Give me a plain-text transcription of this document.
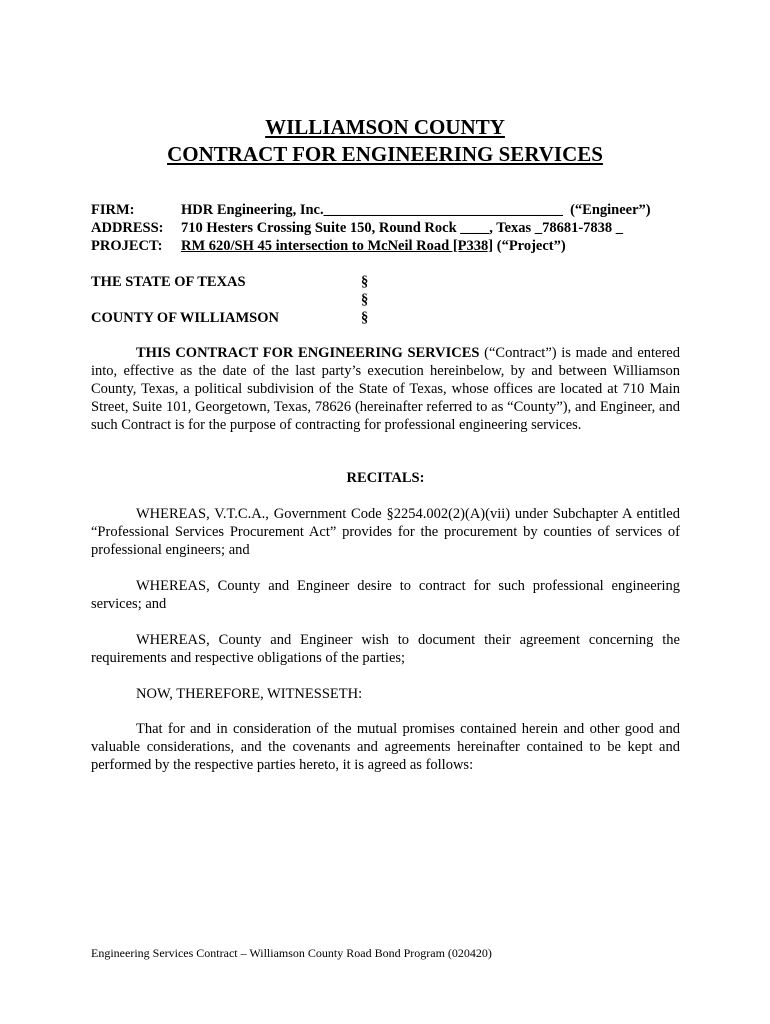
WILLIAMSON COUNTY
CONTRACT FOR ENGINEERING SERVICES
FIRM:	HDR Engineering, Inc._________________________________ (“Engineer”)
ADDRESS: 710 Hesters Crossing Suite 150, Round Rock ____, Texas _78681-7838 _
PROJECT: RM 620/SH 45 intersection to McNeil Road [P338] (“Project”)
THE STATE OF TEXAS
COUNTY OF WILLIAMSON
§
§
§
THIS CONTRACT FOR ENGINEERING SERVICES (“Contract”) is made and entered into, effective as the date of the last party’s execution hereinbelow, by and between Williamson County, Texas, a political subdivision of the State of Texas, whose offices are located at 710 Main Street, Suite 101, Georgetown, Texas, 78626 (hereinafter referred to as “County”), and Engineer, and such Contract is for the purpose of contracting for professional engineering services.
RECITALS:
WHEREAS, V.T.C.A., Government Code §2254.002(2)(A)(vii) under Subchapter A entitled “Professional Services Procurement Act” provides for the procurement by counties of services of professional engineers; and
WHEREAS, County and Engineer desire to contract for such professional engineering services; and
WHEREAS, County and Engineer wish to document their agreement concerning the requirements and respective obligations of the parties;
NOW, THEREFORE, WITNESSETH:
That for and in consideration of the mutual promises contained herein and other good and valuable considerations, and the covenants and agreements hereinafter contained to be kept and performed by the respective parties hereto, it is agreed as follows:
Engineering Services Contract – Williamson County Road Bond Program (020420)
